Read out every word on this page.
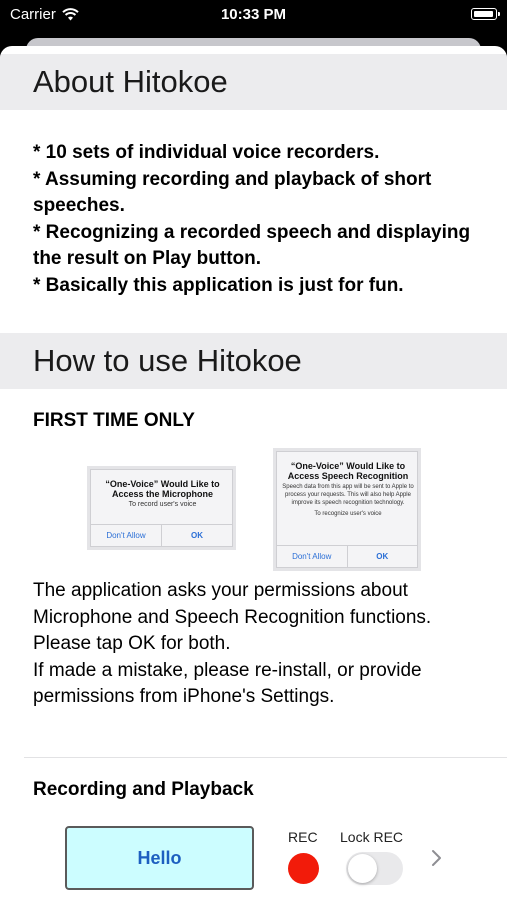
Carrier	10:33 PM
About Hitokoe
* 10 sets of individual voice recorders.
* Assuming recording and playback of short speeches.
* Recognizing a recorded speech and displaying the result on Play button.
* Basically this application is just for fun.
How to use Hitokoe
FIRST TIME ONLY
“One-Voice” Would Like to Access the Microphone
To record user's voice
Don't Allow	OK
“One-Voice” Would Like to Access Speech Recognition
Speech data from this app will be sent to Apple to process your requests. This will also help Apple improve its speech recognition technology.
To recognize user's voice
Don't Allow	OK
The application asks your permissions about Microphone and Speech Recognition functions.
Please tap OK for both.
If made a mistake, please re-install, or provide permissions from iPhone's Settings.
Recording and Playback
Hello
REC Lock REC
